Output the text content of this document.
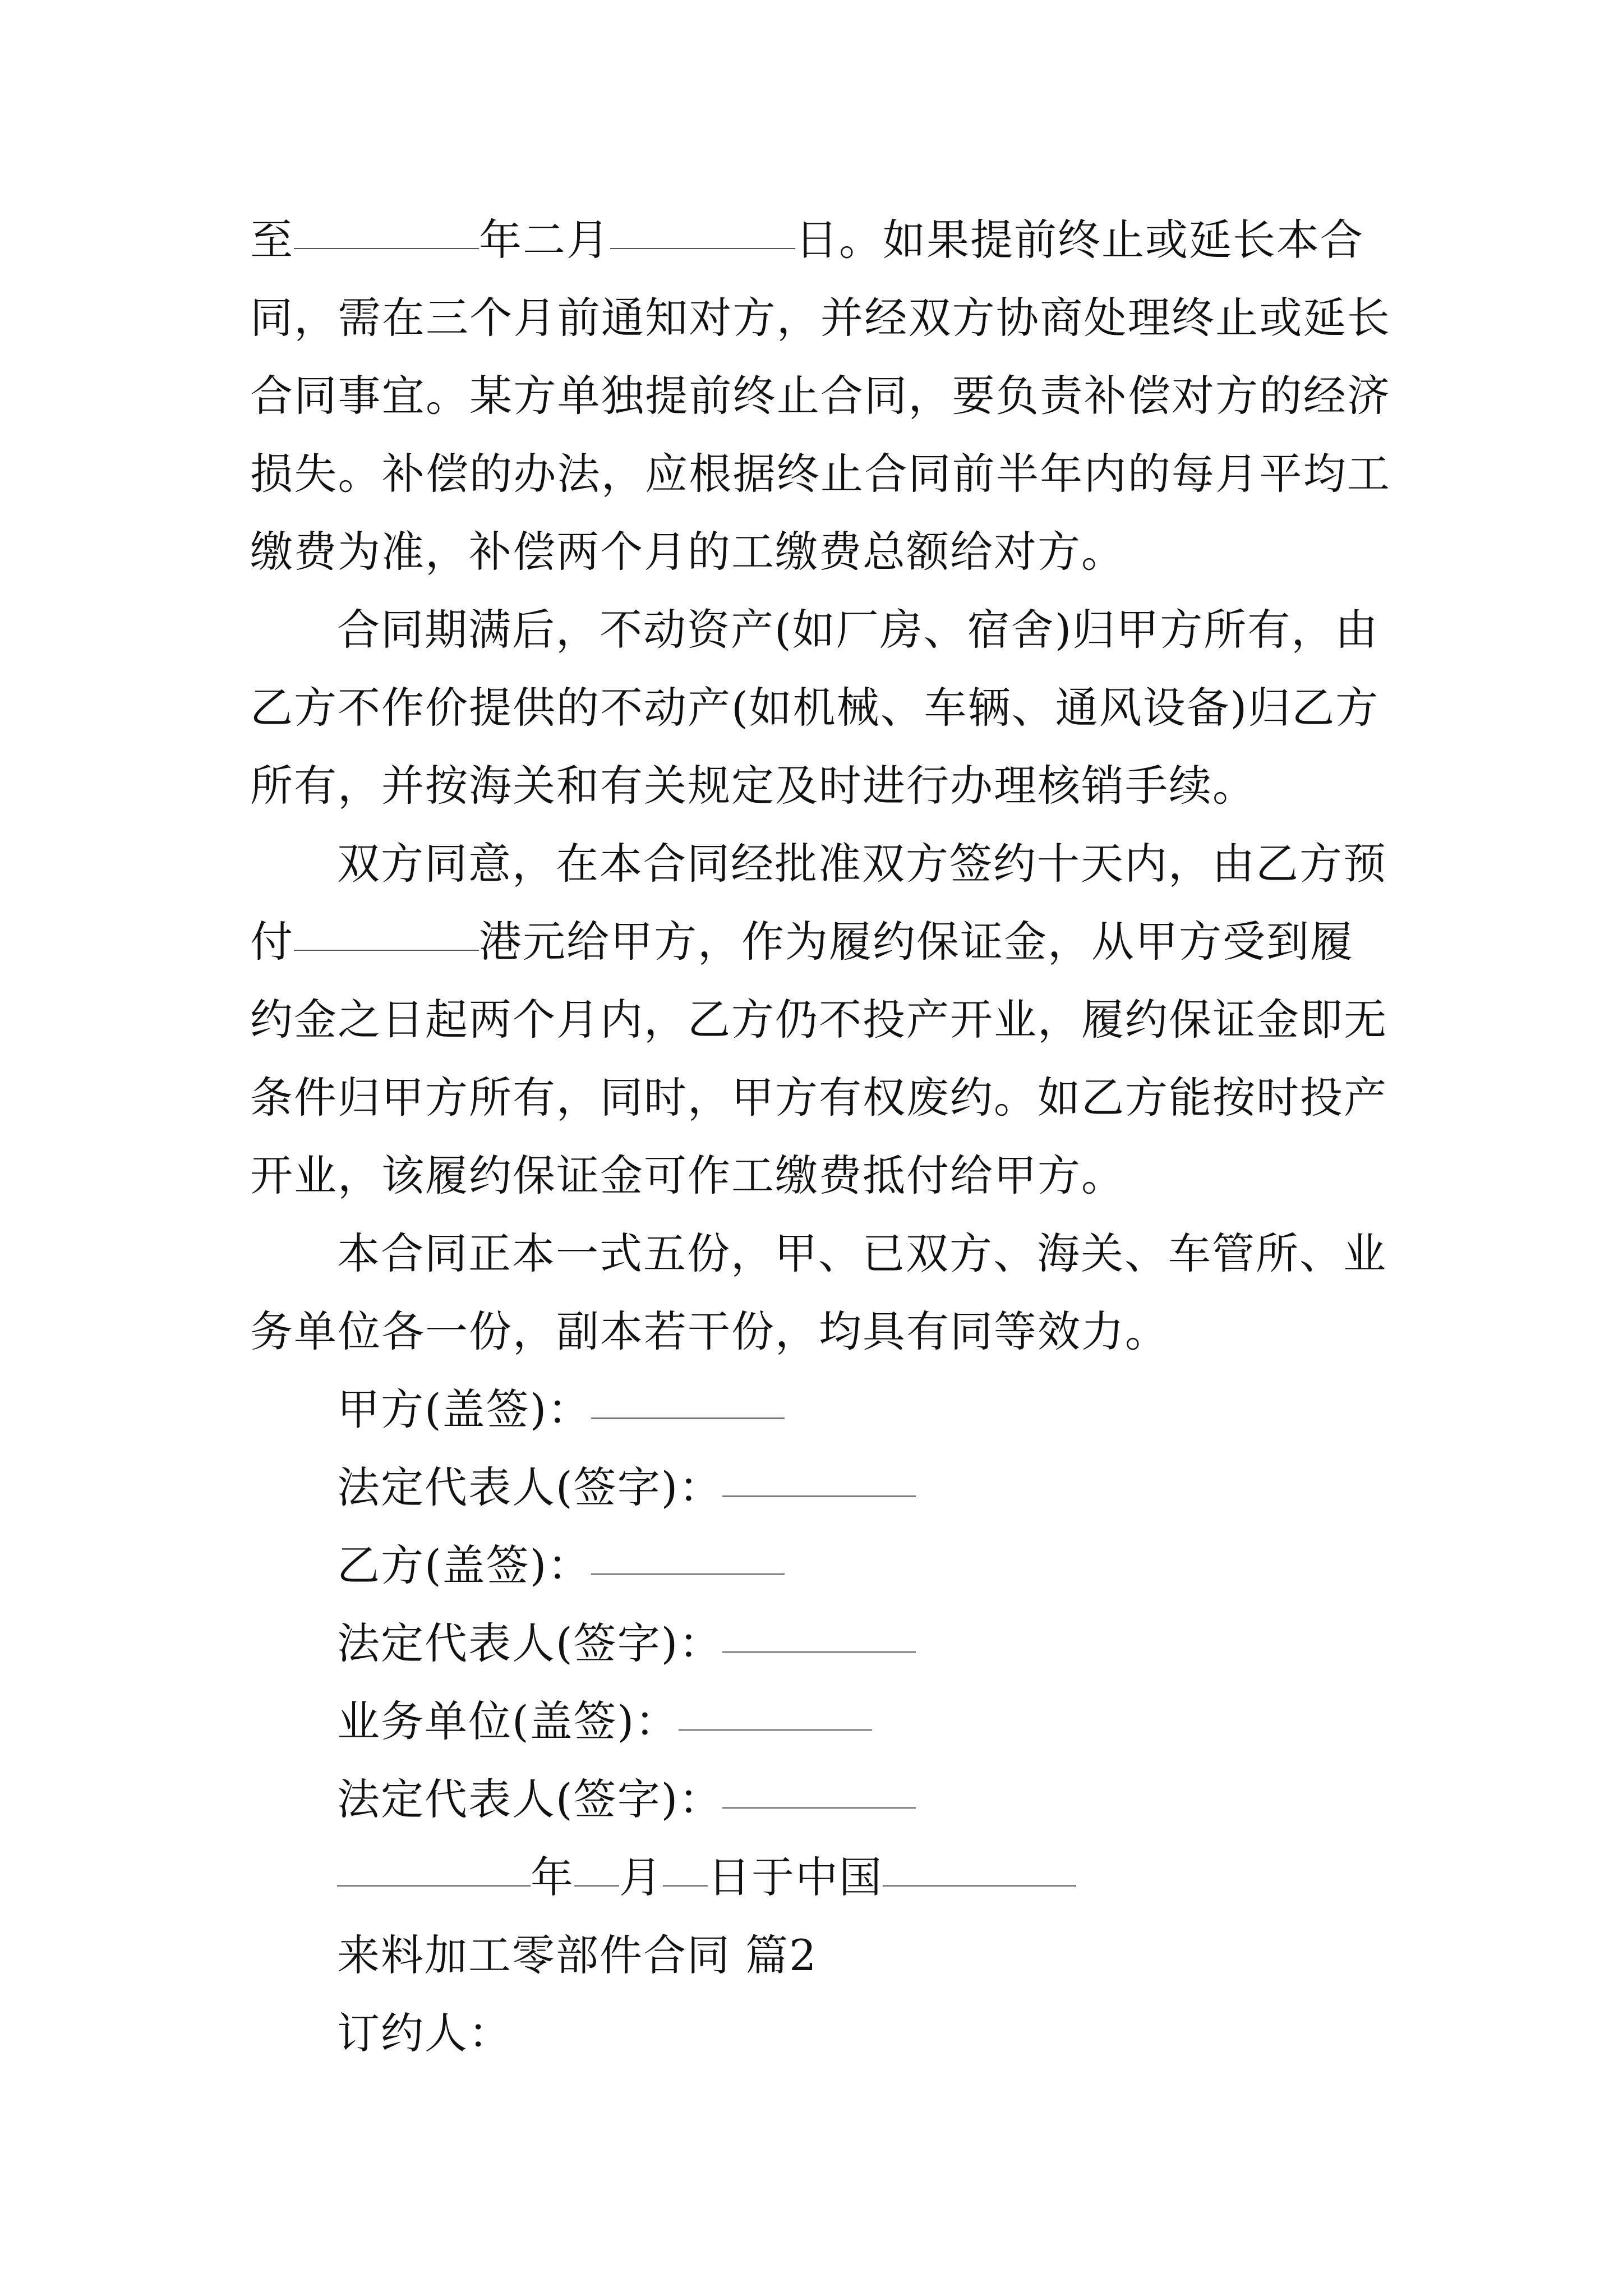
至	年二月	日。如果提前终止或延长本合
同 ， 需 在 三 个 月 前 通 知 对 方 ， 并 经 双 方 协 商 处 理 终 止 或 延 长
合 同 事 宜 。 某 方 单 独 提 前 终 止 合 同 ， 要 负 责 补 偿 对 方 的 经 济
损 失 。 补 偿 的 办 法 ， 应 根 据 终 止 合 同 前 半 年 内 的 每 月 平 均 工
缴费为准，补偿两个月的工缴费总额给对方。
合同期满后，不动资产(如厂房、宿舍)归甲方所有，由
乙方不作价提供的不动产(如机械、车辆、通风设备)归乙方
所有，并按海关和有关规定及时进行办理核销手续。
双方同意，在本合同经批准双方签约十天内，由乙方预
付	港元给甲方，作为履约保证金，从甲方受到履
约金之日起两个月内，乙方仍不投产开业，履约保证金即无
条件归甲方所有，同时，甲方有权废约。如乙方能按时投产
开业，该履约保证金可作工缴费抵付给甲方。
本合同正本一式五份，甲、已双方、海关、车管所、业
务单位各一份，副本若干份，均具有同等效力。
甲方(盖签)：
法定代表人(签字)：
乙方(盖签)：
法定代表人(签字)：
业务单位(盖签)：
法定代表人(签字)：
年 月 日于中国
来料加工零部件合同 篇2
订约人：
